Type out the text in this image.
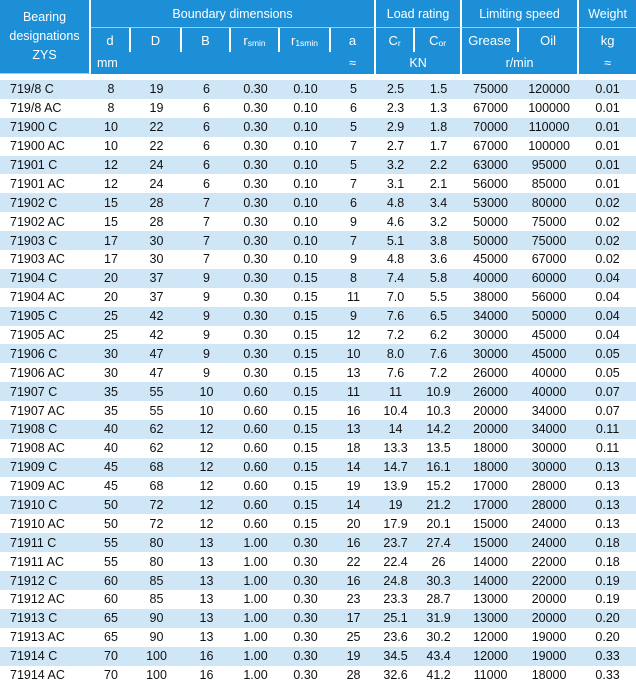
Bearing
designations
ZYS	Boundary dimensions						Load rating		Limiting speed		Weight
	d	D	B	rsmin	r1smin	a	Cr	Cor	Grease	Oil	kg
	mm					≈	KN		r/min		≈

719/8 C	8	19	6	0.30	0.10	5	2.5	1.5	75000	120000	0.01
719/8 AC	8	19	6	0.30	0.10	6	2.3	1.3	67000	100000	0.01
71900 C	10	22	6	0.30	0.10	5	2.9	1.8	70000	110000	0.01
71900 AC	10	22	6	0.30	0.10	7	2.7	1.7	67000	100000	0.01
71901 C	12	24	6	0.30	0.10	5	3.2	2.2	63000	95000	0.01
71901 AC	12	24	6	0.30	0.10	7	3.1	2.1	56000	85000	0.01
71902 C	15	28	7	0.30	0.10	6	4.8	3.4	53000	80000	0.02
71902 AC	15	28	7	0.30	0.10	9	4.6	3.2	50000	75000	0.02
71903 C	17	30	7	0.30	0.10	7	5.1	3.8	50000	75000	0.02
71903 AC	17	30	7	0.30	0.10	9	4.8	3.6	45000	67000	0.02
71904 C	20	37	9	0.30	0.15	8	7.4	5.8	40000	60000	0.04
71904 AC	20	37	9	0.30	0.15	11	7.0	5.5	38000	56000	0.04
71905 C	25	42	9	0.30	0.15	9	7.6	6.5	34000	50000	0.04
71905 AC	25	42	9	0.30	0.15	12	7.2	6.2	30000	45000	0.04
71906 C	30	47	9	0.30	0.15	10	8.0	7.6	30000	45000	0.05
71906 AC	30	47	9	0.30	0.15	13	7.6	7.2	26000	40000	0.05
71907 C	35	55	10	0.60	0.15	11	11	10.9	26000	40000	0.07
71907 AC	35	55	10	0.60	0.15	16	10.4	10.3	20000	34000	0.07
71908 C	40	62	12	0.60	0.15	13	14	14.2	20000	34000	0.11
71908 AC	40	62	12	0.60	0.15	18	13.3	13.5	18000	30000	0.11
71909 C	45	68	12	0.60	0.15	14	14.7	16.1	18000	30000	0.13
71909 AC	45	68	12	0.60	0.15	19	13.9	15.2	17000	28000	0.13
71910 C	50	72	12	0.60	0.15	14	19	21.2	17000	28000	0.13
71910 AC	50	72	12	0.60	0.15	20	17.9	20.1	15000	24000	0.13
71911 C	55	80	13	1.00	0.30	16	23.7	27.4	15000	24000	0.18
71911 AC	55	80	13	1.00	0.30	22	22.4	26	14000	22000	0.18
71912 C	60	85	13	1.00	0.30	16	24.8	30.3	14000	22000	0.19
71912 AC	60	85	13	1.00	0.30	23	23.3	28.7	13000	20000	0.19
71913 C	65	90	13	1.00	0.30	17	25.1	31.9	13000	20000	0.20
71913 AC	65	90	13	1.00	0.30	25	23.6	30.2	12000	19000	0.20
71914 C	70	100	16	1.00	0.30	19	34.5	43.4	12000	19000	0.33
71914 AC	70	100	16	1.00	0.30	28	32.6	41.2	11000	18000	0.33
